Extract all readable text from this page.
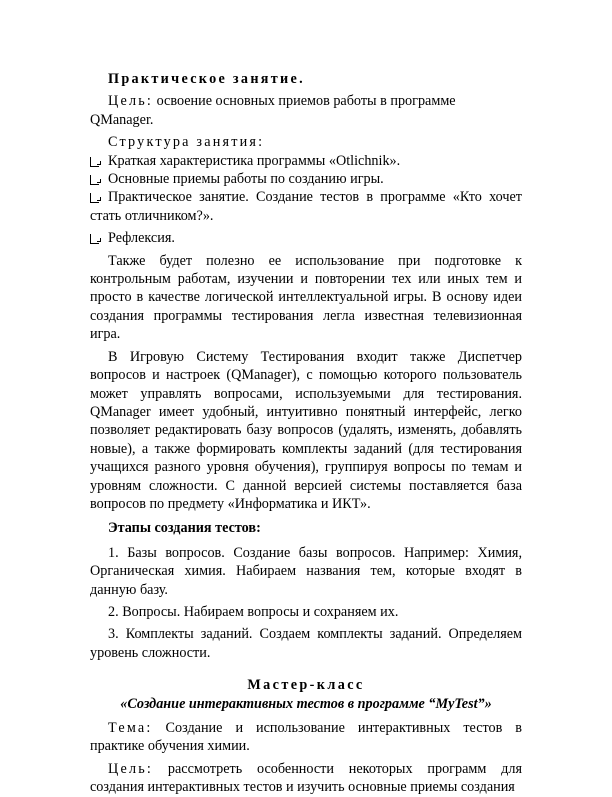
Практическое занятие.

Цель: освоение основных приемов работы в программе QManager.

Структура занятия:

Краткая характеристика программы «Otlichnik».

Основные приемы работы по созданию игры.

Практическое занятие. Создание тестов в программе «Кто хочет стать отличником?».

Рефлексия.

Также будет полезно ее использование при подготовке к контрольным работам, изучении и повторении тех или иных тем и просто в качестве логической интеллектуальной игры. В основу идеи создания программы тестирования легла известная телевизионная игра.

В Игровую Систему Тестирования входит также Диспетчер вопросов и настроек (QManager), с помощью которого пользователь может управлять вопросами, используемыми для тестирования. QManager имеет удобный, интуитивно понятный интерфейс, легко позволяет редактировать базу вопросов (удалять, изменять, добавлять новые), а также формировать комплекты заданий (для тестирования учащихся разного уровня обучения), группируя вопросы по темам и уровням сложности. С данной версией системы поставляется база вопросов по предмету «Информатика и ИКТ».

Этапы создания тестов:

1. Базы вопросов. Создание базы вопросов. Например: Химия, Органическая химия. Набираем названия тем, которые входят в данную базу.

2. Вопросы. Набираем вопросы и сохраняем их.

3. Комплекты заданий. Создаем комплекты заданий. Определяем уровень сложности.

Мастер-класс

«Создание интерактивных тестов в программе “MyTest”»

Тема: Создание и использование интерактивных тестов в практике обучения химии.

Цель: рассмотреть особенности некоторых программ для создания интерактивных тестов и изучить основные приемы создания
